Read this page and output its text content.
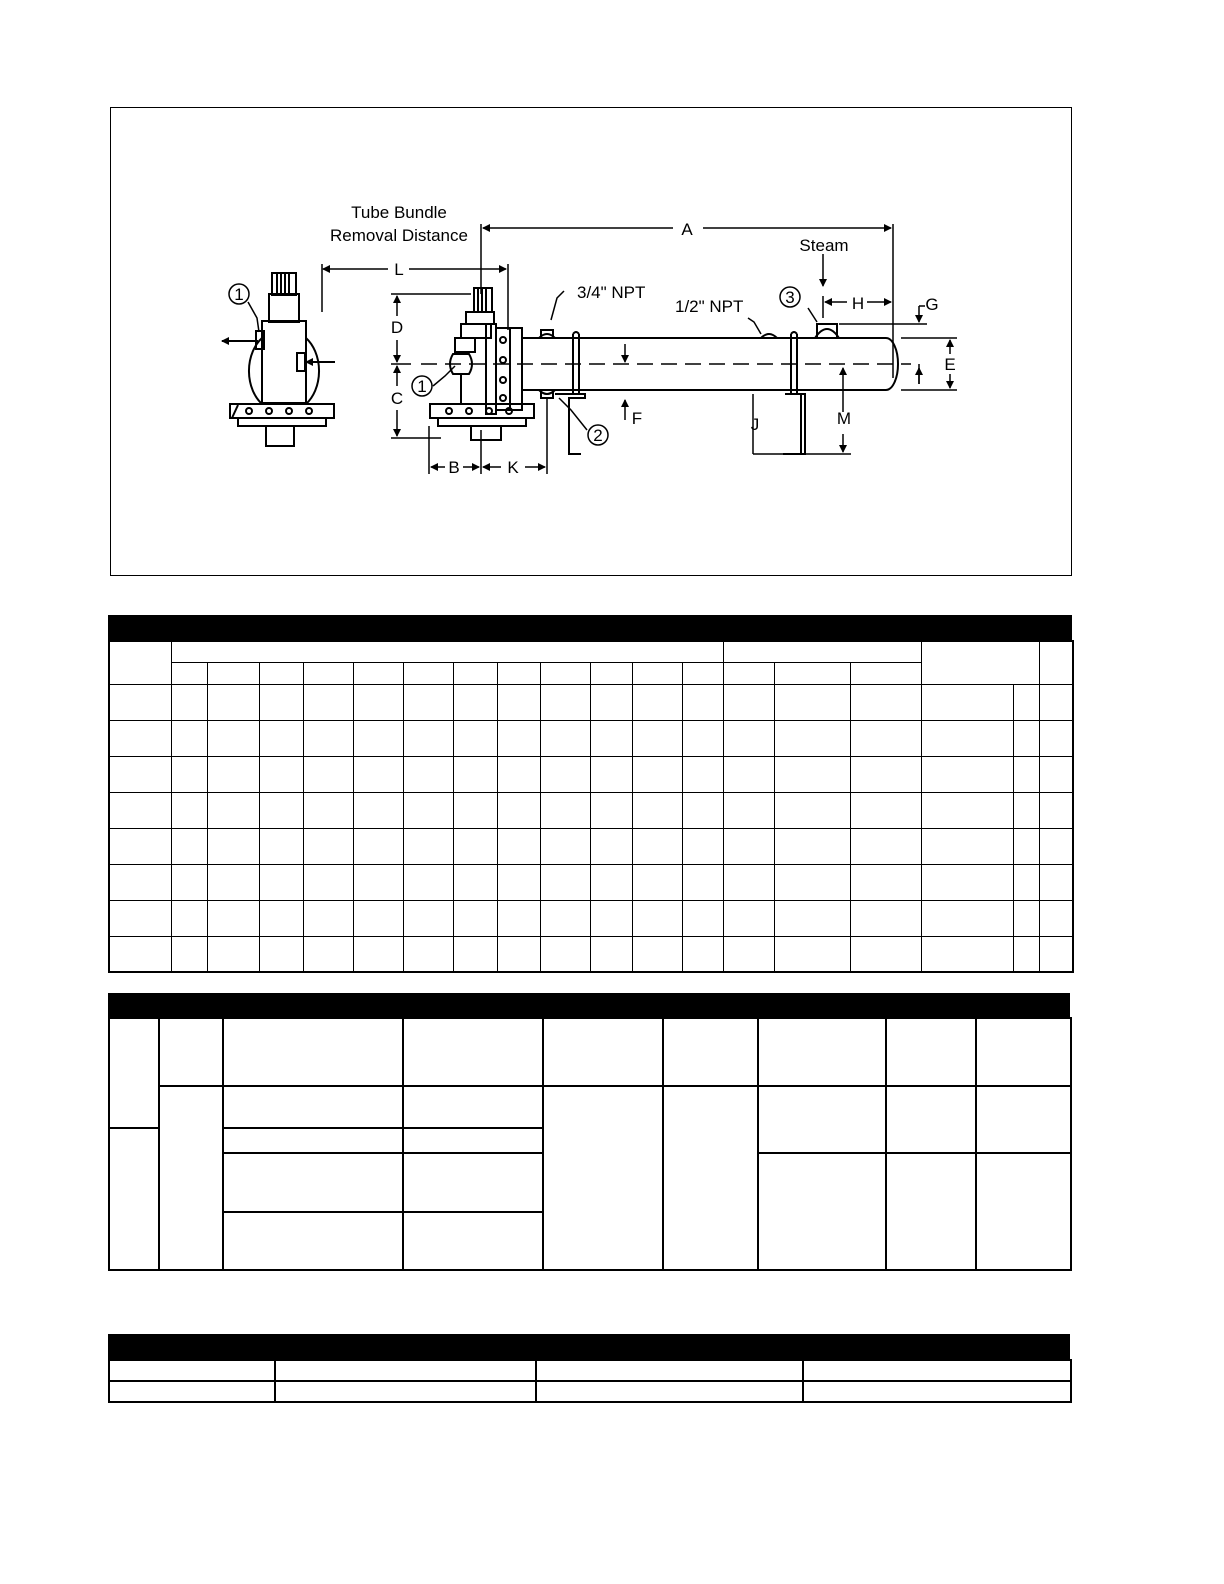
Tube Bundle
Removal Distance	A
L
Steam
3/4" NPT
1/2" NPT	H	G
D
C
E
F	J	M
B	K
1
1
2
3
